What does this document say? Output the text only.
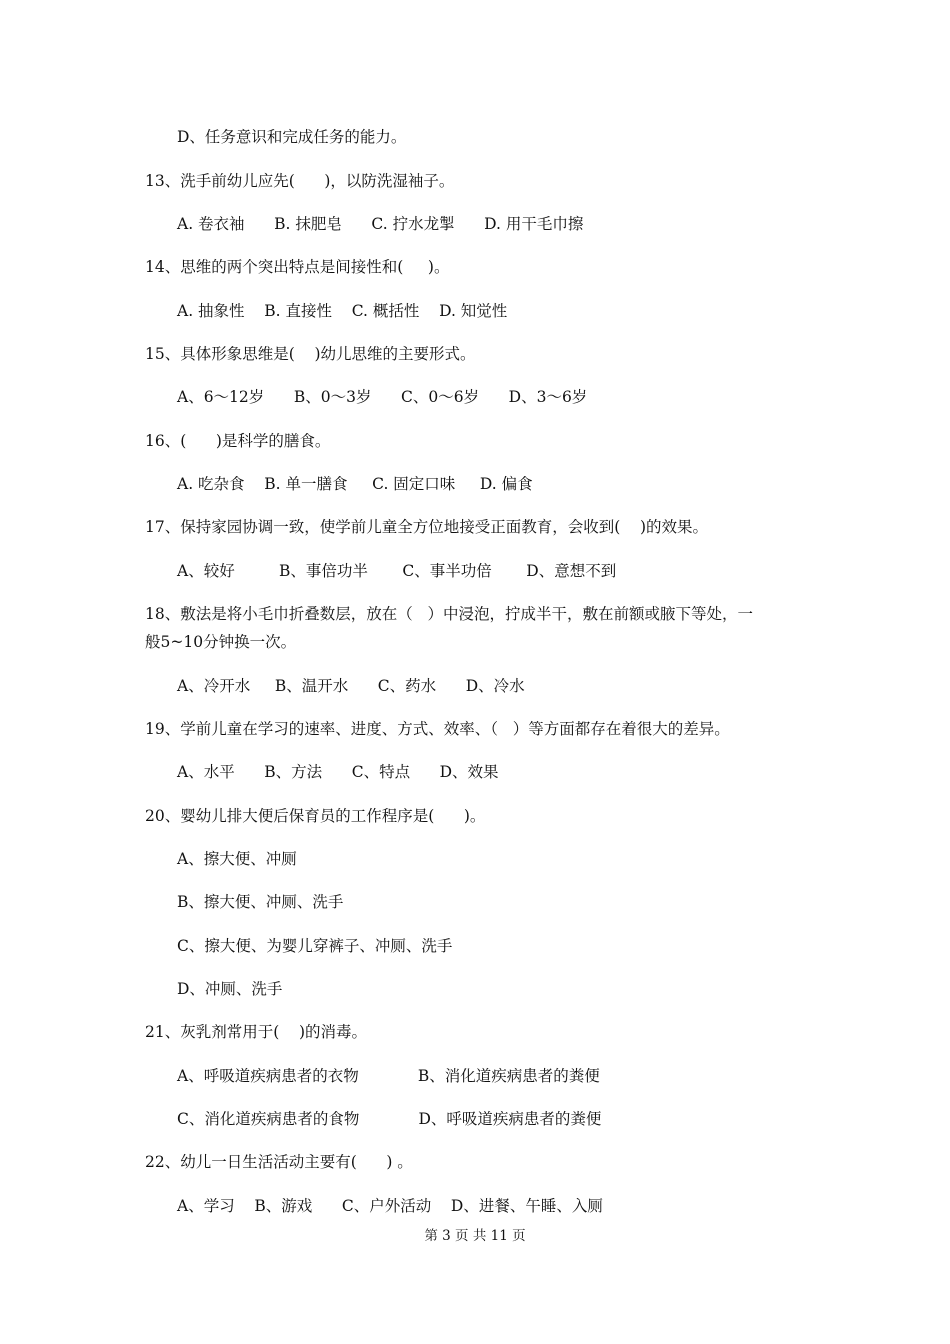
D、任务意识和完成任务的能力。
13、洗手前幼儿应先(      )，以防洗湿袖子。
A. 卷衣袖      B. 抹肥皂      C. 拧水龙掣      D. 用干毛巾擦
14、思维的两个突出特点是间接性和(     )。
A. 抽象性    B. 直接性    C. 概括性    D. 知觉性
15、具体形象思维是(    )幼儿思维的主要形式。
A、6～12岁      B、0～3岁      C、0～6岁      D、3～6岁
16、(      )是科学的膳食。
A. 吃杂食    B. 单一膳食     C. 固定口味     D. 偏食
17、保持家园协调一致，使学前儿童全方位地接受正面教育，会收到(    )的效果。
A、较好         B、事倍功半       C、事半功倍       D、意想不到
18、敷法是将小毛巾折叠数层，放在（   ）中浸泡，拧成半干，敷在前额或腋下等处，一
般5~10分钟换一次。
A、冷开水     B、温开水      C、药水      D、冷水
19、学前儿童在学习的速率、进度、方式、效率、（   ）等方面都存在着很大的差异。
A、水平      B、方法      C、特点      D、效果
20、婴幼儿排大便后保育员的工作程序是(      )。
A、擦大便、冲厕
B、擦大便、冲厕、洗手
C、擦大便、为婴儿穿裤子、冲厕、洗手
D、冲厕、洗手
21、灰乳剂常用于(    )的消毒。
A、呼吸道疾病患者的衣物            B、消化道疾病患者的粪便
C、消化道疾病患者的食物            D、呼吸道疾病患者的粪便
22、幼儿一日生活活动主要有(      ) 。
A、学习    B、游戏      C、户外活动    D、进餐、午睡、入厕
第 3 页 共 11 页
